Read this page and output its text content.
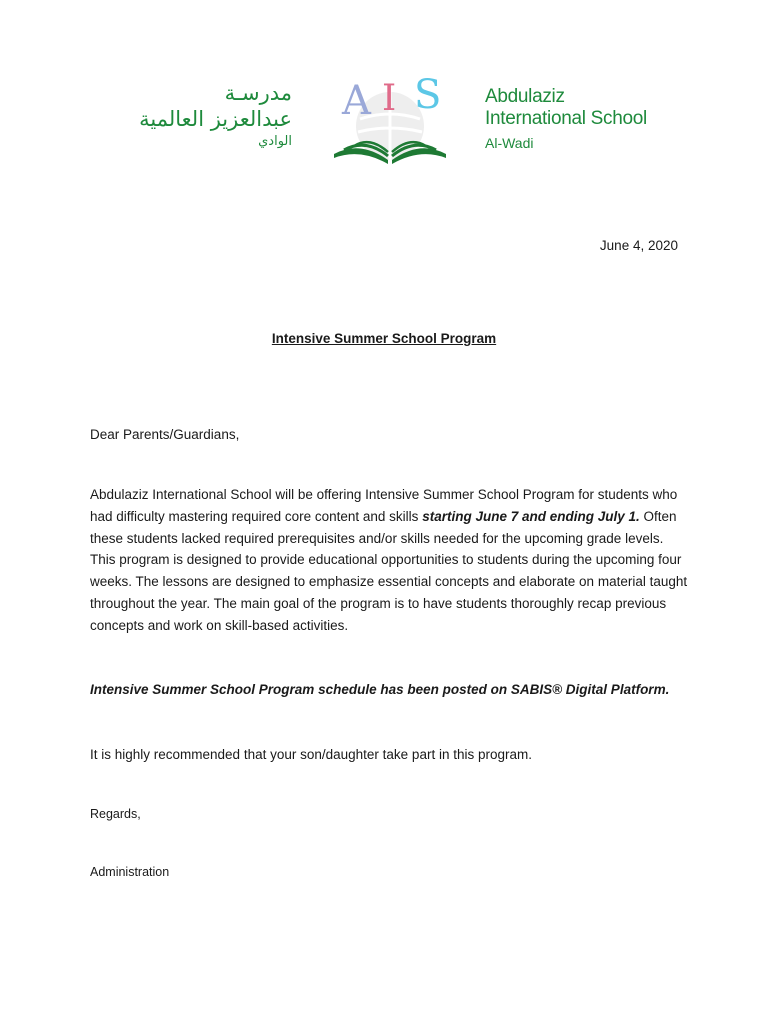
مدرسـة
عبدالعزيز العالمية
الوادي
A I S Abdulaziz
International School
Al-Wadi
June 4, 2020
Intensive Summer School Program
Dear Parents/Guardians,
Abdulaziz International School will be offering Intensive Summer School Program for students who had difficulty mastering required core content and skills starting June 7 and ending July 1. Often these students lacked required prerequisites and/or skills needed for the upcoming grade levels. This program is designed to provide educational opportunities to students during the upcoming four weeks. The lessons are designed to emphasize essential concepts and elaborate on material taught throughout the year. The main goal of the program is to have students thoroughly recap previous concepts and work on skill-based activities.
Intensive Summer School Program schedule has been posted on SABIS® Digital Platform.
It is highly recommended that your son/daughter take part in this program.
Regards,
Administration
